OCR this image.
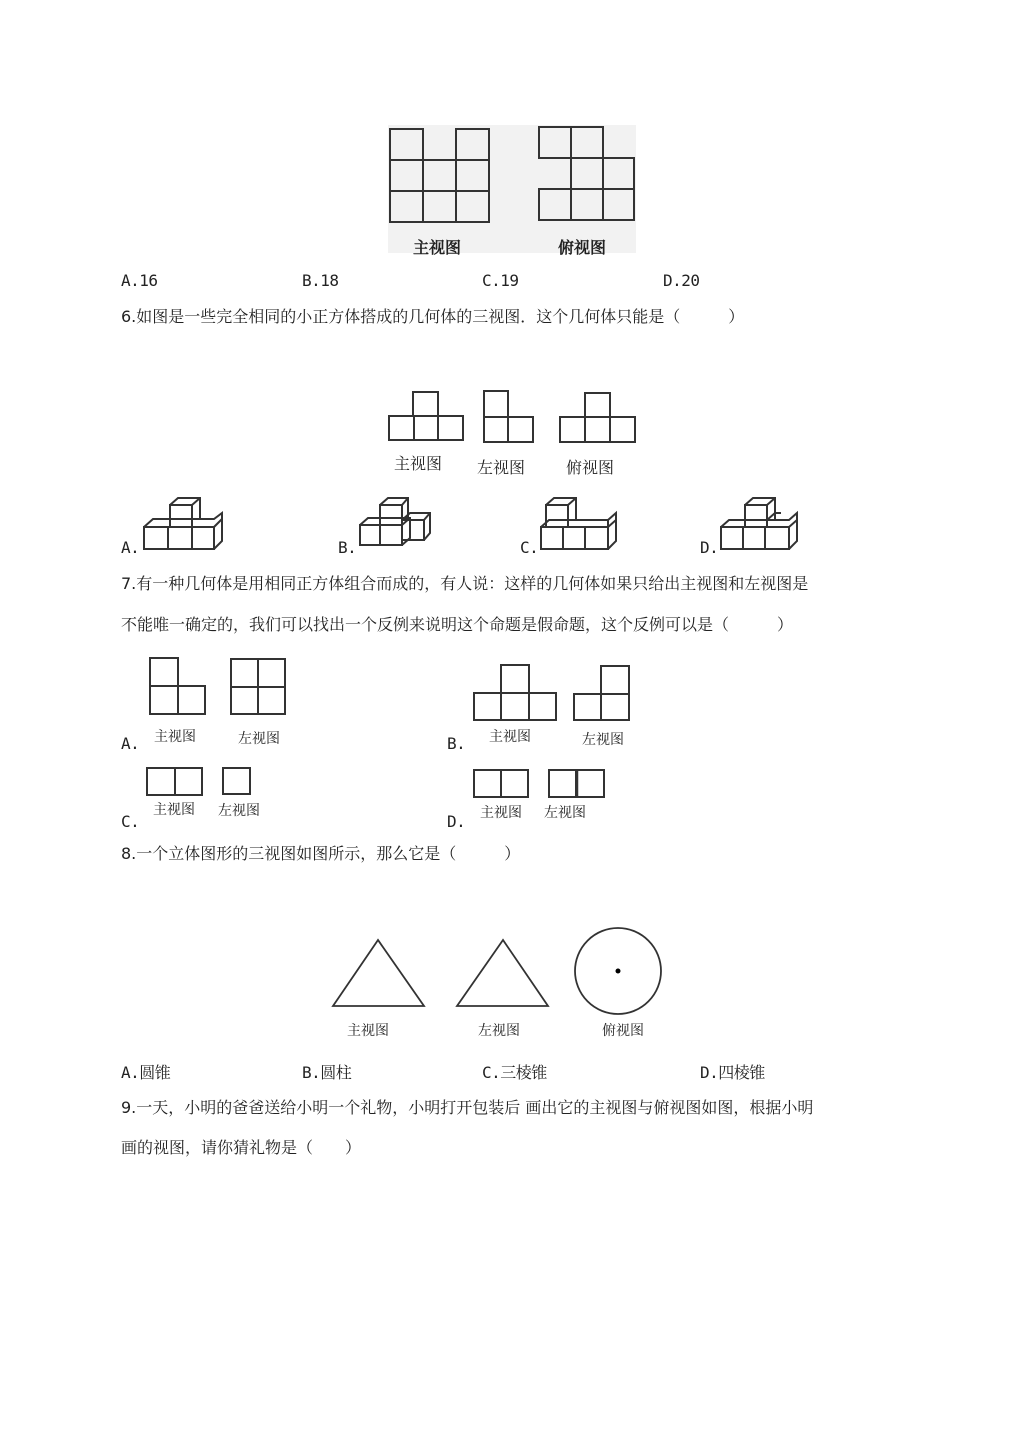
主视图	俯视图
A.16	B.18	C.19	D.20
6.如图是一些完全相同的小正方体搭成的几何体的三视图．这个几何体只能是（　　　）
主视图 左视图	俯视图
A.	B.	C.	D.
7.有一种几何体是用相同正方体组合而成的，有人说：这样的几何体如果只给出主视图和左视图是
不能唯一确定的，我们可以找出一个反例来说明这个命题是假命题，这个反例可以是（　　　）
主视图	左视图
A.	主视图	左视图
B.
主视图 左视图
C.	主视图 左视图
D.
8.一个立体图形的三视图如图所示，那么它是（　　　）
主视图	左视图	俯视图
A.圆锥	B.圆柱	C.三棱锥	D.四棱锥
9.一天，小明的爸爸送给小明一个礼物，小明打开包装后 画出它的主视图与俯视图如图，根据小明
画的视图，请你猜礼物是（　　）
